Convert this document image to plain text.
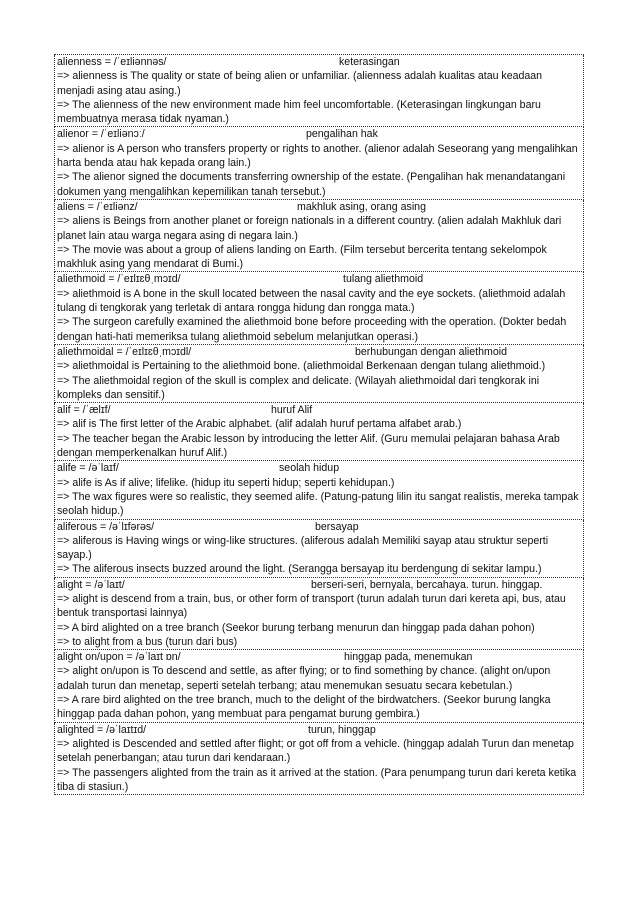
alienness = /ˈeɪliənnəs/	keterasingan
=> alienness is The quality or state of being alien or unfamiliar. (alienness adalah kualitas atau keadaan menjadi asing atau asing.)
=> The alienness of the new environment made him feel uncomfortable. (Keterasingan lingkungan baru membuatnya merasa tidak nyaman.)
alienor = /ˈeɪliənɔː/	pengalihan hak
=> alienor is A person who transfers property or rights to another. (alienor adalah Seseorang yang mengalihkan harta benda atau hak kepada orang lain.)
=> The alienor signed the documents transferring ownership of the estate. (Pengalihan hak menandatangani dokumen yang mengalihkan kepemilikan tanah tersebut.)
aliens = /ˈeɪliənz/	makhluk asing, orang asing
=> aliens is Beings from another planet or foreign nationals in a different country. (alien adalah Makhluk dari planet lain atau warga negara asing di negara lain.)
=> The movie was about a group of aliens landing on Earth. (Film tersebut bercerita tentang sekelompok makhluk asing yang mendarat di Bumi.)
aliethmoid = /ˈeɪlɪɛθˌmɔɪd/	tulang aliethmoid
=> aliethmoid is A bone in the skull located between the nasal cavity and the eye sockets. (aliethmoid adalah tulang di tengkorak yang terletak di antara rongga hidung dan rongga mata.)
=> The surgeon carefully examined the aliethmoid bone before proceeding with the operation. (Dokter bedah dengan hati-hati memeriksa tulang aliethmoid sebelum melanjutkan operasi.)
aliethmoidal = /ˈeɪlɪɛθˌmɔɪdl/	berhubungan dengan aliethmoid
=> aliethmoidal is Pertaining to the aliethmoid bone. (aliethmoidal Berkenaan dengan tulang aliethmoid.)
=> The aliethmoidal region of the skull is complex and delicate. (Wilayah aliethmoidal dari tengkorak ini kompleks dan sensitif.)
alif = /ˈælɪf/	huruf Alif
=> alif is The first letter of the Arabic alphabet. (alif adalah huruf pertama alfabet arab.)
=> The teacher began the Arabic lesson by introducing the letter Alif. (Guru memulai pelajaran bahasa Arab dengan memperkenalkan huruf Alif.)
alife = /əˈlaɪf/	seolah hidup
=> alife is As if alive; lifelike. (hidup itu seperti hidup; seperti kehidupan.)
=> The wax figures were so realistic, they seemed alife. (Patung-patung lilin itu sangat realistis, mereka tampak seolah hidup.)
aliferous = /əˈlɪfərəs/	bersayap
=> aliferous is Having wings or wing-like structures. (aliferous adalah Memiliki sayap atau struktur seperti sayap.)
=> The aliferous insects buzzed around the light. (Serangga bersayap itu berdengung di sekitar lampu.)
alight = /əˈlaɪt/	berseri-seri, bernyala, bercahaya. turun. hinggap.
=> alight is descend from a train, bus, or other form of transport (turun adalah turun dari kereta api, bus, atau bentuk transportasi lainnya)
=> A bird alighted on a tree branch (Seekor burung terbang menurun dan hinggap pada dahan pohon)
=> to alight from a bus (turun dari bus)
alight on/upon = /əˈlaɪt ɒn/	hinggap pada, menemukan
=> alight on/upon is To descend and settle, as after flying; or to find something by chance. (alight on/upon adalah turun dan menetap, seperti setelah terbang; atau menemukan sesuatu secara kebetulan.)
=> A rare bird alighted on the tree branch, much to the delight of the birdwatchers. (Seekor burung langka hinggap pada dahan pohon, yang membuat para pengamat burung gembira.)
alighted = /əˈlaɪtɪd/	turun, hinggap
=> alighted is Descended and settled after flight; or got off from a vehicle. (hinggap adalah Turun dan menetap setelah penerbangan; atau turun dari kendaraan.)
=> The passengers alighted from the train as it arrived at the station. (Para penumpang turun dari kereta ketika tiba di stasiun.)
